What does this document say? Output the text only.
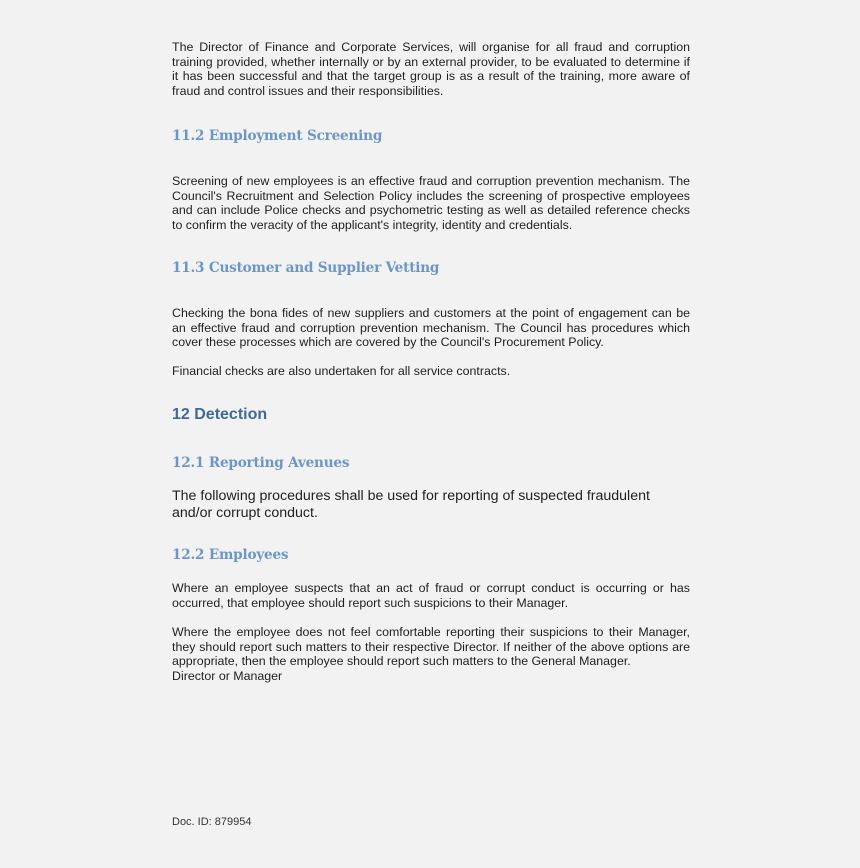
The Director of Finance and Corporate Services, will organise for all fraud and corruption training provided, whether internally or by an external provider, to be evaluated to determine if it has been successful and that the target group is as a result of the training, more aware of fraud and control issues and their responsibilities.

11.2 Employment Screening

Screening of new employees is an effective fraud and corruption prevention mechanism. The Council's Recruitment and Selection Policy includes the screening of prospective employees and can include Police checks and psychometric testing as well as detailed reference checks to confirm the veracity of the applicant's integrity, identity and credentials.

11.3 Customer and Supplier Vetting

Checking the bona fides of new suppliers and customers at the point of engagement can be an effective fraud and corruption prevention mechanism. The Council has procedures which cover these processes which are covered by the Council's Procurement Policy.

Financial checks are also undertaken for all service contracts.

12 Detection
12.1 Reporting Avenues

The following procedures shall be used for reporting of suspected fraudulent and/or corrupt conduct.

12.2 Employees

Where an employee suspects that an act of fraud or corrupt conduct is occurring or has occurred, that employee should report such suspicions to their Manager.

Where the employee does not feel comfortable reporting their suspicions to their Manager, they should report such matters to their respective Director. If neither of the above options are appropriate, then the employee should report such matters to the General Manager.

Director or Manager

Doc. ID: 879954
